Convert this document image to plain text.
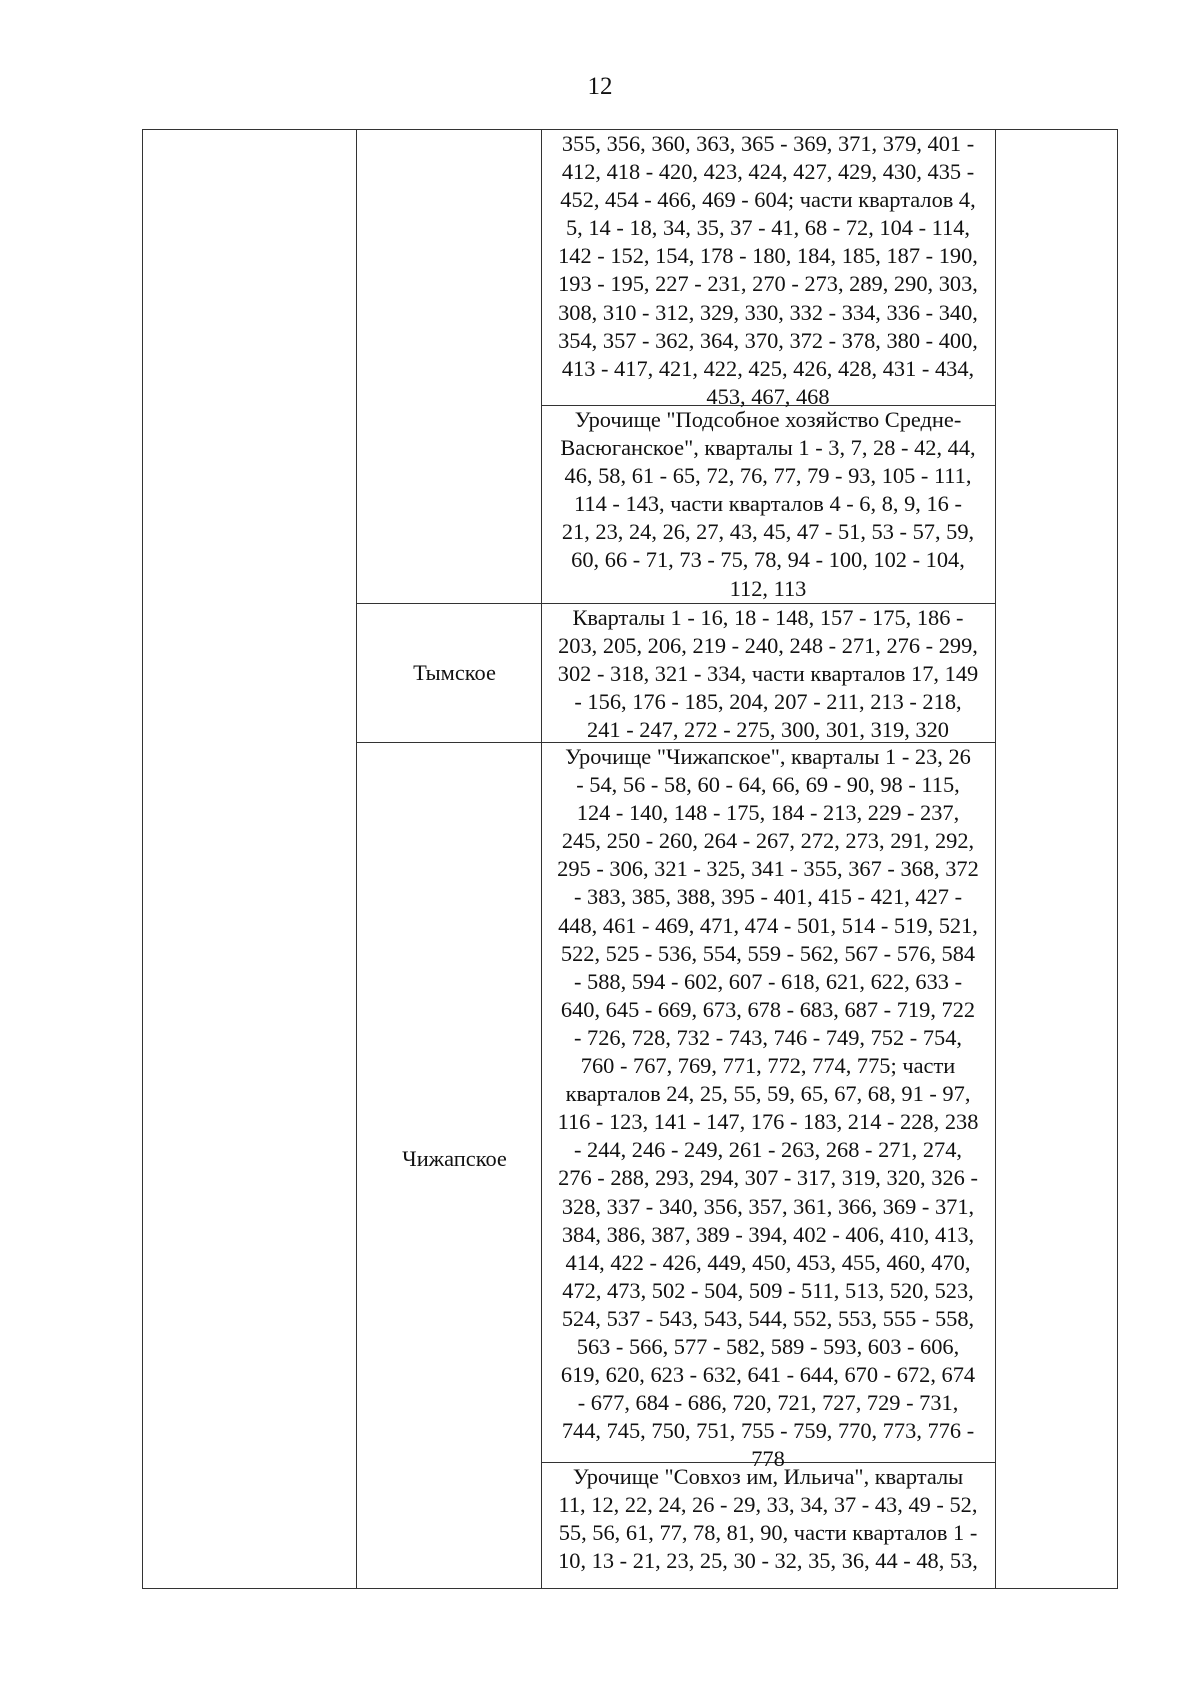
12
Тымское
Чижапское
355, 356, 360, 363, 365 - 369, 371, 379, 401 -
412, 418 - 420, 423, 424, 427, 429, 430, 435 -
452, 454 - 466, 469 - 604; части кварталов 4,
5, 14 - 18, 34, 35, 37 - 41, 68 - 72, 104 - 114,
142 - 152, 154, 178 - 180, 184, 185, 187 - 190,
193 - 195, 227 - 231, 270 - 273, 289, 290, 303,
308, 310 - 312, 329, 330, 332 - 334, 336 - 340,
354, 357 - 362, 364, 370, 372 - 378, 380 - 400,
413 - 417, 421, 422, 425, 426, 428, 431 - 434,
453, 467, 468
Урочище "Подсобное хозяйство Средне-
Васюганское", кварталы 1 - 3, 7, 28 - 42, 44,
46, 58, 61 - 65, 72, 76, 77, 79 - 93, 105 - 111,
114 - 143, части кварталов 4 - 6, 8, 9, 16 -
21, 23, 24, 26, 27, 43, 45, 47 - 51, 53 - 57, 59,
60, 66 - 71, 73 - 75, 78, 94 - 100, 102 - 104,
112, 113
Кварталы 1 - 16, 18 - 148, 157 - 175, 186 -
203, 205, 206, 219 - 240, 248 - 271, 276 - 299,
302 - 318, 321 - 334, части кварталов 17, 149
- 156, 176 - 185, 204, 207 - 211, 213 - 218,
241 - 247, 272 - 275, 300, 301, 319, 320
Урочище "Чижапское", кварталы 1 - 23, 26
- 54, 56 - 58, 60 - 64, 66, 69 - 90, 98 - 115,
124 - 140, 148 - 175, 184 - 213, 229 - 237,
245, 250 - 260, 264 - 267, 272, 273, 291, 292,
295 - 306, 321 - 325, 341 - 355, 367 - 368, 372
- 383, 385, 388, 395 - 401, 415 - 421, 427 -
448, 461 - 469, 471, 474 - 501, 514 - 519, 521,
522, 525 - 536, 554, 559 - 562, 567 - 576, 584
- 588, 594 - 602, 607 - 618, 621, 622, 633 -
640, 645 - 669, 673, 678 - 683, 687 - 719, 722
- 726, 728, 732 - 743, 746 - 749, 752 - 754,
760 - 767, 769, 771, 772, 774, 775; части
кварталов 24, 25, 55, 59, 65, 67, 68, 91 - 97,
116 - 123, 141 - 147, 176 - 183, 214 - 228, 238
- 244, 246 - 249, 261 - 263, 268 - 271, 274,
276 - 288, 293, 294, 307 - 317, 319, 320, 326 -
328, 337 - 340, 356, 357, 361, 366, 369 - 371,
384, 386, 387, 389 - 394, 402 - 406, 410, 413,
414, 422 - 426, 449, 450, 453, 455, 460, 470,
472, 473, 502 - 504, 509 - 511, 513, 520, 523,
524, 537 - 543, 543, 544, 552, 553, 555 - 558,
563 - 566, 577 - 582, 589 - 593, 603 - 606,
619, 620, 623 - 632, 641 - 644, 670 - 672, 674
- 677, 684 - 686, 720, 721, 727, 729 - 731,
744, 745, 750, 751, 755 - 759, 770, 773, 776 -
778
Урочище "Совхоз им, Ильича", кварталы
11, 12, 22, 24, 26 - 29, 33, 34, 37 - 43, 49 - 52,
55, 56, 61, 77, 78, 81, 90, части кварталов 1 -
10, 13 - 21, 23, 25, 30 - 32, 35, 36, 44 - 48, 53,
